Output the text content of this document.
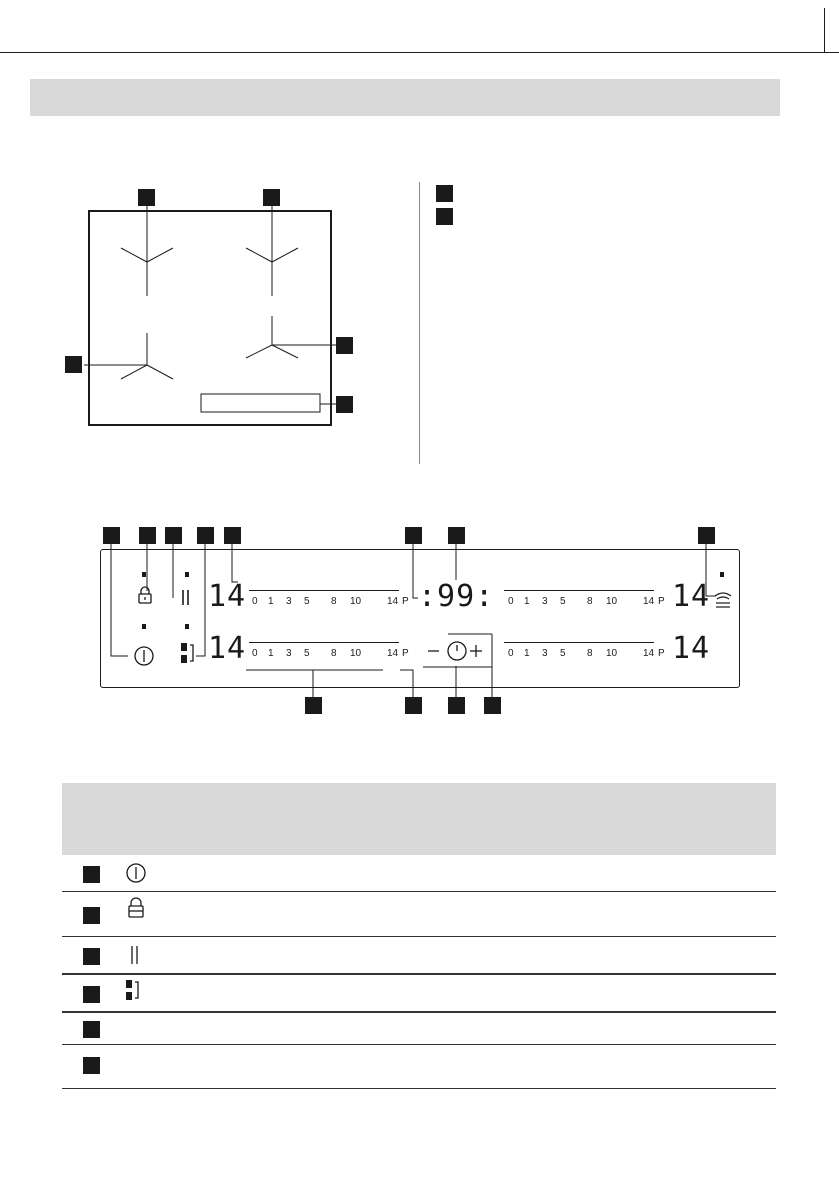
14 0 1 3 5 8 10	14 P :99: 0 1 3 5 8 10	14 P 14
14 0 1 3 5 8 10	14 P	0 1 3 5 8 10	14 P 14
